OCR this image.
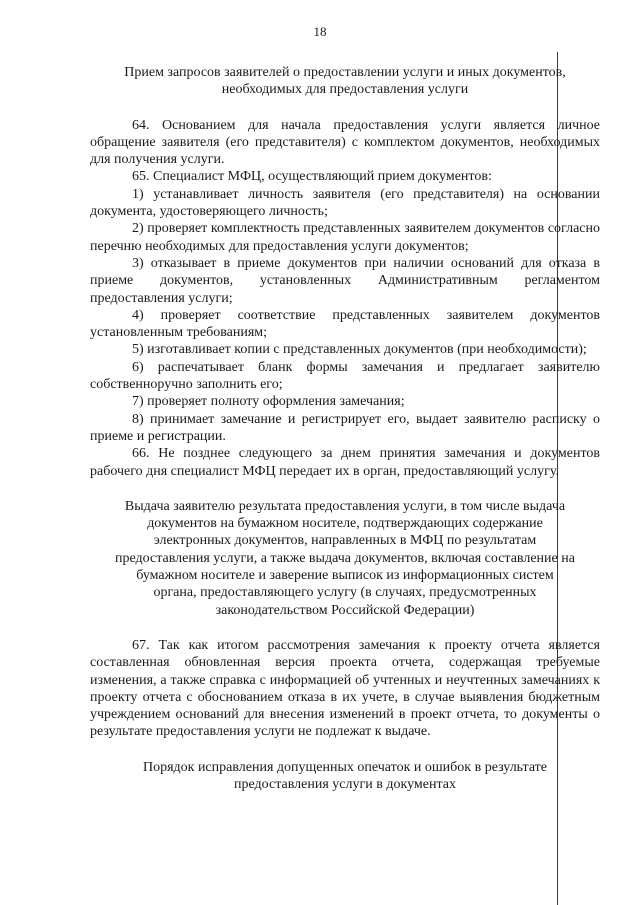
18
Прием запросов заявителей о предоставлении услуги и иных документов,
необходимых для предоставления услуги

64. Основанием для начала предоставления услуги является личное обращение заявителя (его представителя) с комплектом документов, необходимых для получения услуги.

65. Специалист МФЦ, осуществляющий прием документов:

1) устанавливает личность заявителя (его представителя) на основании документа, удостоверяющего личность;

2) проверяет комплектность представленных заявителем документов согласно перечню необходимых для предоставления услуги документов;

3) отказывает в приеме документов при наличии оснований для отказа в приеме документов, установленных Административным регламентом предоставления услуги;

4) проверяет соответствие представленных заявителем документов установленным требованиям;

5) изготавливает копии с представленных документов (при необходимости);

6) распечатывает бланк формы замечания и предлагает заявителю собственноручно заполнить его;

7) проверяет полноту оформления замечания;

8) принимает замечание и регистрирует его, выдает заявителю расписку о приеме и регистрации.

66. Не позднее следующего за днем принятия замечания и документов рабочего дня специалист МФЦ передает их в орган, предоставляющий услугу.

Выдача заявителю результата предоставления услуги, в том числе выдача
документов на бумажном носителе, подтверждающих содержание
электронных документов, направленных в МФЦ по результатам
предоставления услуги, а также выдача документов, включая составление на
бумажном носителе и заверение выписок из информационных систем
органа, предоставляющего услугу (в случаях, предусмотренных
законодательством Российской Федерации)

67. Так как итогом рассмотрения замечания к проекту отчета является составленная обновленная версия проекта отчета, содержащая требуемые изменения, а также справка с информацией об учтенных и неучтенных замечаниях к проекту отчета с обоснованием отказа в их учете, в случае выявления бюджетным учреждением оснований для внесения изменений в проект отчета, то документы о результате предоставления услуги не подлежат к выдаче.

Порядок исправления допущенных опечаток и ошибок в результате
предоставления услуги в документах
